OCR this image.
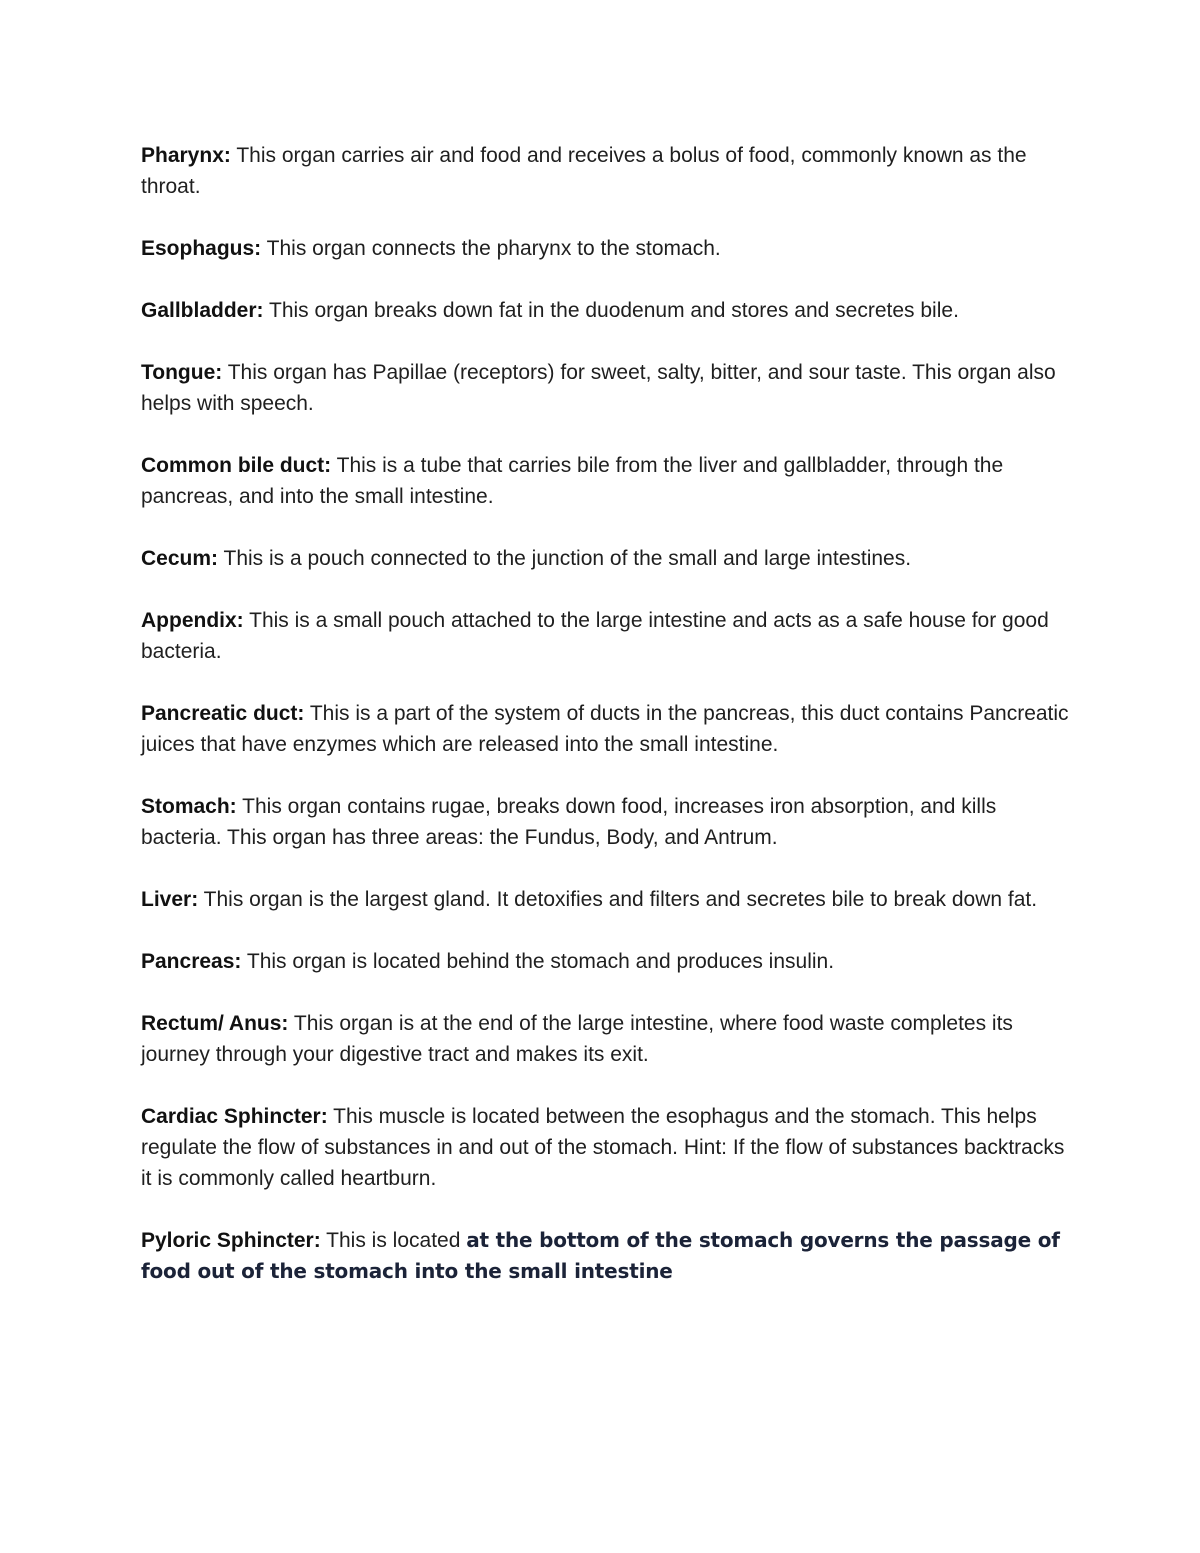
Pharynx: This organ carries air and food and receives a bolus of food, commonly known as the throat.

Esophagus: This organ connects the pharynx to the stomach.

Gallbladder: This organ breaks down fat in the duodenum and stores and secretes bile.

Tongue: This organ has Papillae (receptors) for sweet, salty, bitter, and sour taste. This organ also helps with speech.

Common bile duct: This is a tube that carries bile from the liver and gallbladder, through the pancreas, and into the small intestine.

Cecum: This is a pouch connected to the junction of the small and large intestines.

Appendix: This is a small pouch attached to the large intestine and acts as a safe house for good bacteria.

Pancreatic duct: This is a part of the system of ducts in the pancreas, this duct contains Pancreatic juices that have enzymes which are released into the small intestine.

Stomach: This organ contains rugae, breaks down food, increases iron absorption, and kills bacteria. This organ has three areas: the Fundus, Body, and Antrum.

Liver: This organ is the largest gland. It detoxifies and filters and secretes bile to break down fat.

Pancreas: This organ is located behind the stomach and produces insulin.

Rectum/ Anus: This organ is at the end of the large intestine, where food waste completes its journey through your digestive tract and makes its exit.

Cardiac Sphincter: This muscle is located between the esophagus and the stomach. This helps regulate the flow of substances in and out of the stomach. Hint: If the flow of substances backtracks it is commonly called heartburn.

Pyloric Sphincter: This is located at the bottom of the stomach governs the passage of food out of the stomach into the small intestine
